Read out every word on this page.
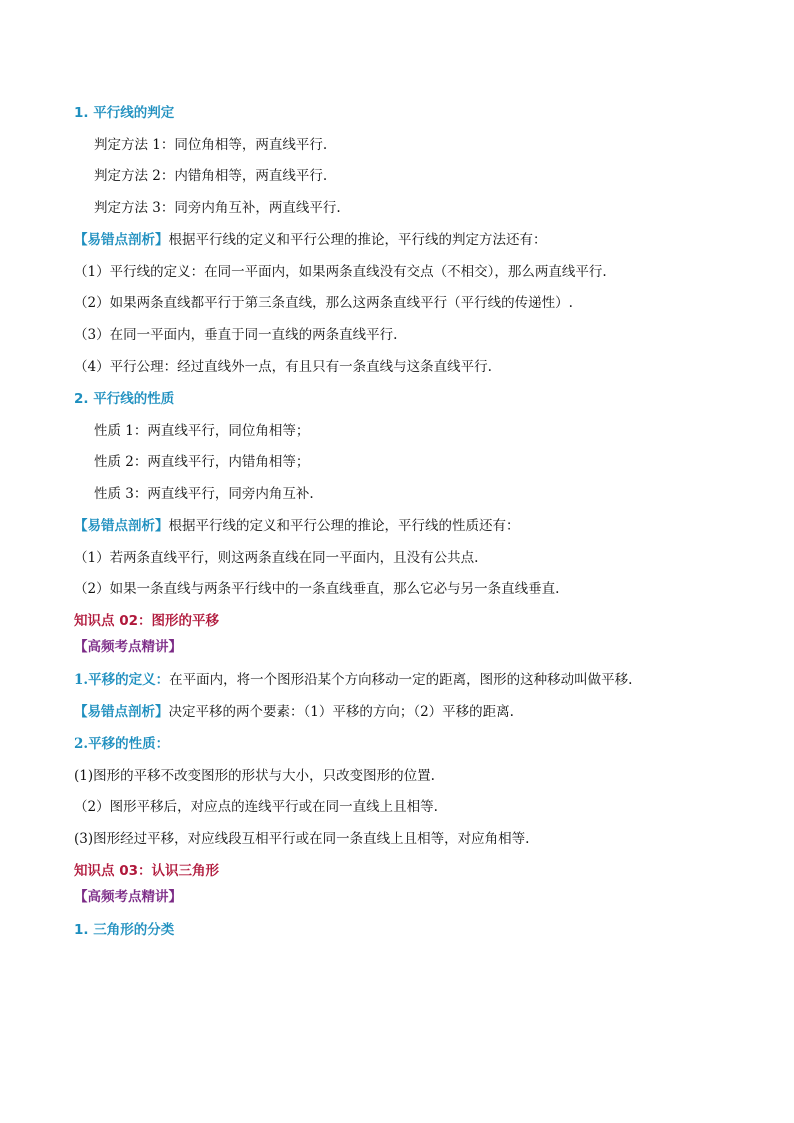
1. 平行线的判定
判定方法 1：同位角相等，两直线平行.
判定方法 2：内错角相等，两直线平行.
判定方法 3：同旁内角互补，两直线平行.
【易错点剖析】根据平行线的定义和平行公理的推论，平行线的判定方法还有：
（1）平行线的定义：在同一平面内，如果两条直线没有交点（不相交），那么两直线平行.
（2）如果两条直线都平行于第三条直线，那么这两条直线平行（平行线的传递性）.
（3）在同一平面内，垂直于同一直线的两条直线平行.
（4）平行公理：经过直线外一点，有且只有一条直线与这条直线平行.
2. 平行线的性质
性质 1：两直线平行，同位角相等；
性质 2：两直线平行，内错角相等；
性质 3：两直线平行，同旁内角互补.
【易错点剖析】根据平行线的定义和平行公理的推论，平行线的性质还有：
（1）若两条直线平行，则这两条直线在同一平面内，且没有公共点.
（2）如果一条直线与两条平行线中的一条直线垂直，那么它必与另一条直线垂直.
知识点 02：图形的平移
【高频考点精讲】
1.平移的定义：在平面内，将一个图形沿某个方向移动一定的距离，图形的这种移动叫做平移.
【易错点剖析】决定平移的两个要素：（1）平移的方向；（2）平移的距离.
2.平移的性质：
(1)图形的平移不改变图形的形状与大小，只改变图形的位置.
（2）图形平移后，对应点的连线平行或在同一直线上且相等.
(3)图形经过平移，对应线段互相平行或在同一条直线上且相等，对应角相等.
知识点 03：认识三角形
【高频考点精讲】
1. 三角形的分类
